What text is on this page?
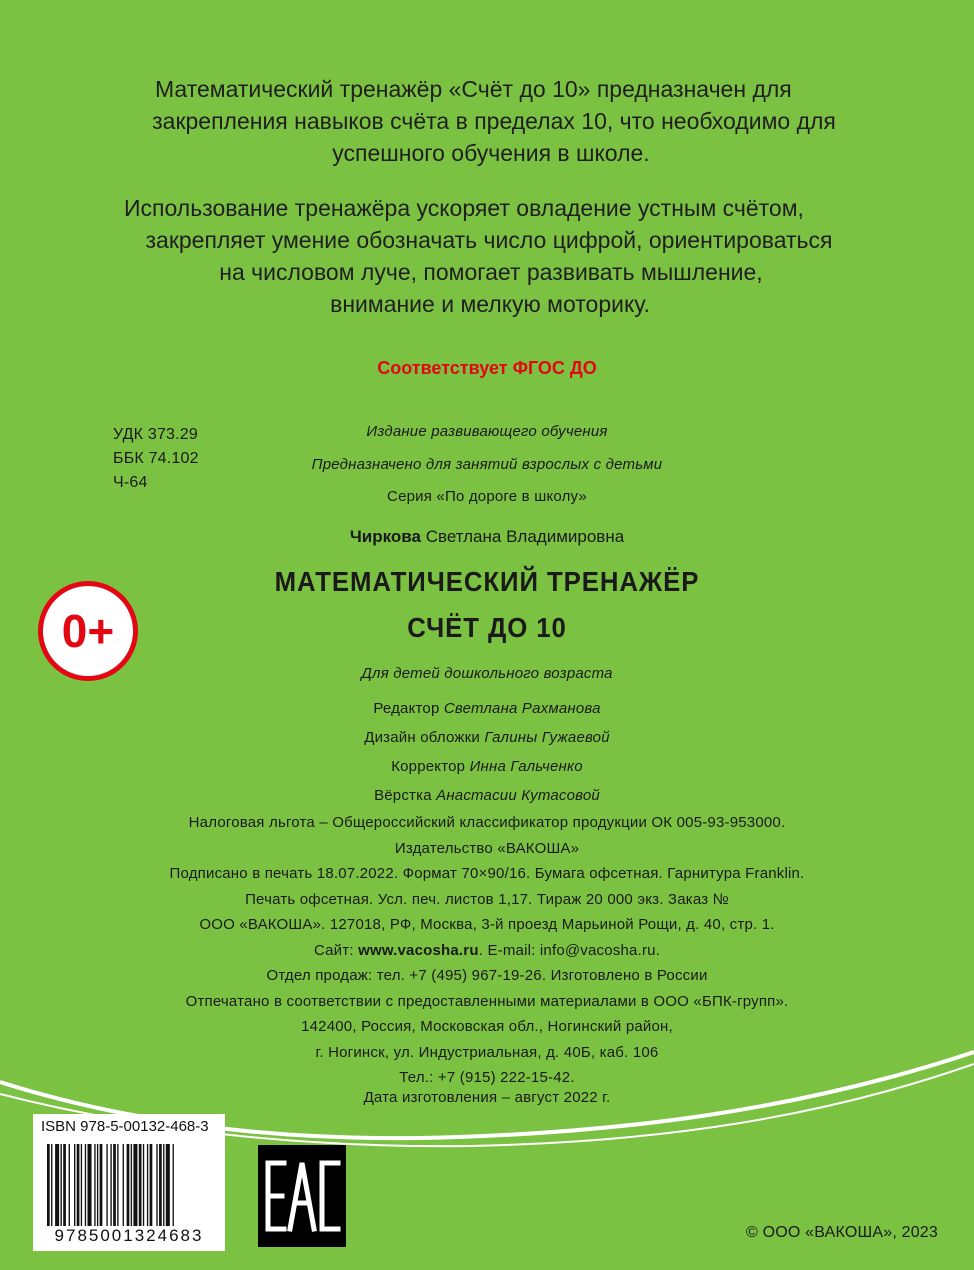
Математический тренажёр «Счёт до 10» предназначен для
закрепления навыков счёта в пределах 10, что необходимо для
успешного обучения в школе.
Использование тренажёра ускоряет овладение устным счётом,
закрепляет умение обозначать число цифрой, ориентироваться
на числовом луче, помогает развивать мышление,
внимание и мелкую моторику.
Соответствует ФГОС ДО
УДК 373.29
ББК 74.102
Ч-64
Издание развивающего обучения
Предназначено для занятий взрослых с детьми
Серия «По дороге в школу»
Чиркова Светлана Владимировна
МАТЕМАТИЧЕСКИЙ ТРЕНАЖЁР
СЧЁТ ДО 10
0+
Для детей дошкольного возраста
Редактор Светлана Рахманова
Дизайн обложки Галины Гужаевой
Корректор Инна Гальченко
Вёрстка Анастасии Кутасовой
Налоговая льгота – Общероссийский классификатор продукции ОК 005-93-953000.
Издательство «ВАКОША»
Подписано в печать 18.07.2022. Формат 70×90/16. Бумага офсетная. Гарнитура Franklin.
Печать офсетная. Усл. печ. листов 1,17. Тираж 20 000 экз. Заказ №
ООО «ВАКОША». 127018, РФ, Москва, 3-й проезд Марьиной Рощи, д. 40, стр. 1.
Сайт: www.vacosha.ru. E-mail: info@vacosha.ru.
Отдел продаж: тел. +7 (495) 967-19-26. Изготовлено в России
Отпечатано в соответствии с предоставленными материалами в ООО «БПК-групп».
142400, Россия, Московская обл., Ногинский район,
г. Ногинск, ул. Индустриальная, д. 40Б, каб. 106
Тел.: +7 (915) 222-15-42.
Дата изготовления – август 2022 г.
ISBN 978-5-00132-468-3
9785001324683	© ООО «ВАКОША», 2023
